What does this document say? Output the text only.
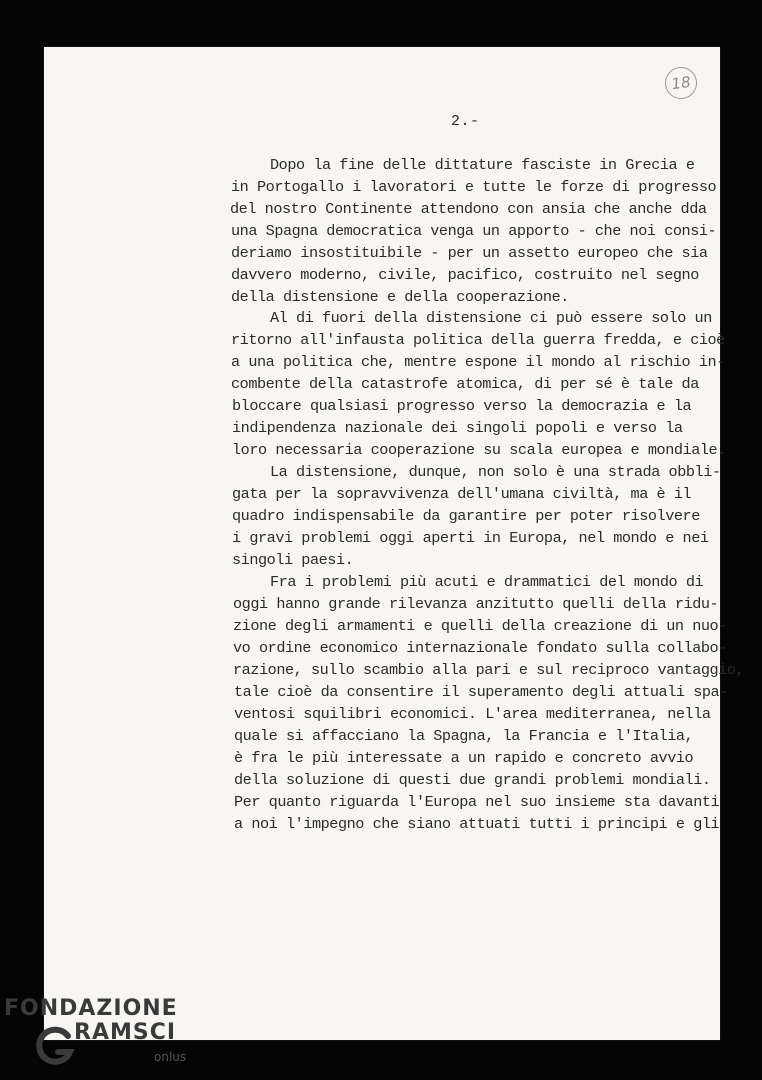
18
2.-
Dopo la fine delle dittature fasciste in Grecia e
in Portogallo i lavoratori e tutte le forze di progresso
del nostro Continente attendono con ansia che anche dda
una Spagna democratica venga un apporto - che noi consi-
deriamo insostituibile - per un assetto europeo che sia
davvero moderno, civile, pacifico, costruito nel segno
della distensione e della cooperazione.
Al di fuori della distensione ci può essere solo un
ritorno all'infausta politica della guerra fredda, e cioè
a una politica che, mentre espone il mondo al rischio in-
combente della catastrofe atomica, di per sé è tale da
bloccare qualsiasi progresso verso la democrazia e la
indipendenza nazionale dei singoli popoli e verso la
loro necessaria cooperazione su scala europea e mondiale.
La distensione, dunque, non solo è una strada obbli-
gata per la sopravvivenza dell'umana civiltà, ma è il
quadro indispensabile da garantire per poter risolvere
i gravi problemi oggi aperti in Europa, nel mondo e nei
singoli paesi.
Fra i problemi più acuti e drammatici del mondo di
oggi hanno grande rilevanza anzitutto quelli della ridu-
zione degli armamenti e quelli della creazione di un nuo-
vo ordine economico internazionale fondato sulla collabo-
razione, sullo scambio alla pari e sul reciproco vantaggio,
tale cioè da consentire il superamento degli attuali spa-
ventosi squilibri economici. L'area mediterranea, nella
quale si affacciano la Spagna, la Francia e l'Italia,
è fra le più interessate a un rapido e concreto avvio
della soluzione di questi due grandi problemi mondiali.
Per quanto riguarda l'Europa nel suo insieme sta davanti
a noi l'impegno che siano attuati tutti i principi e gli
FONDAZIONE
RAMSCI
onlus
